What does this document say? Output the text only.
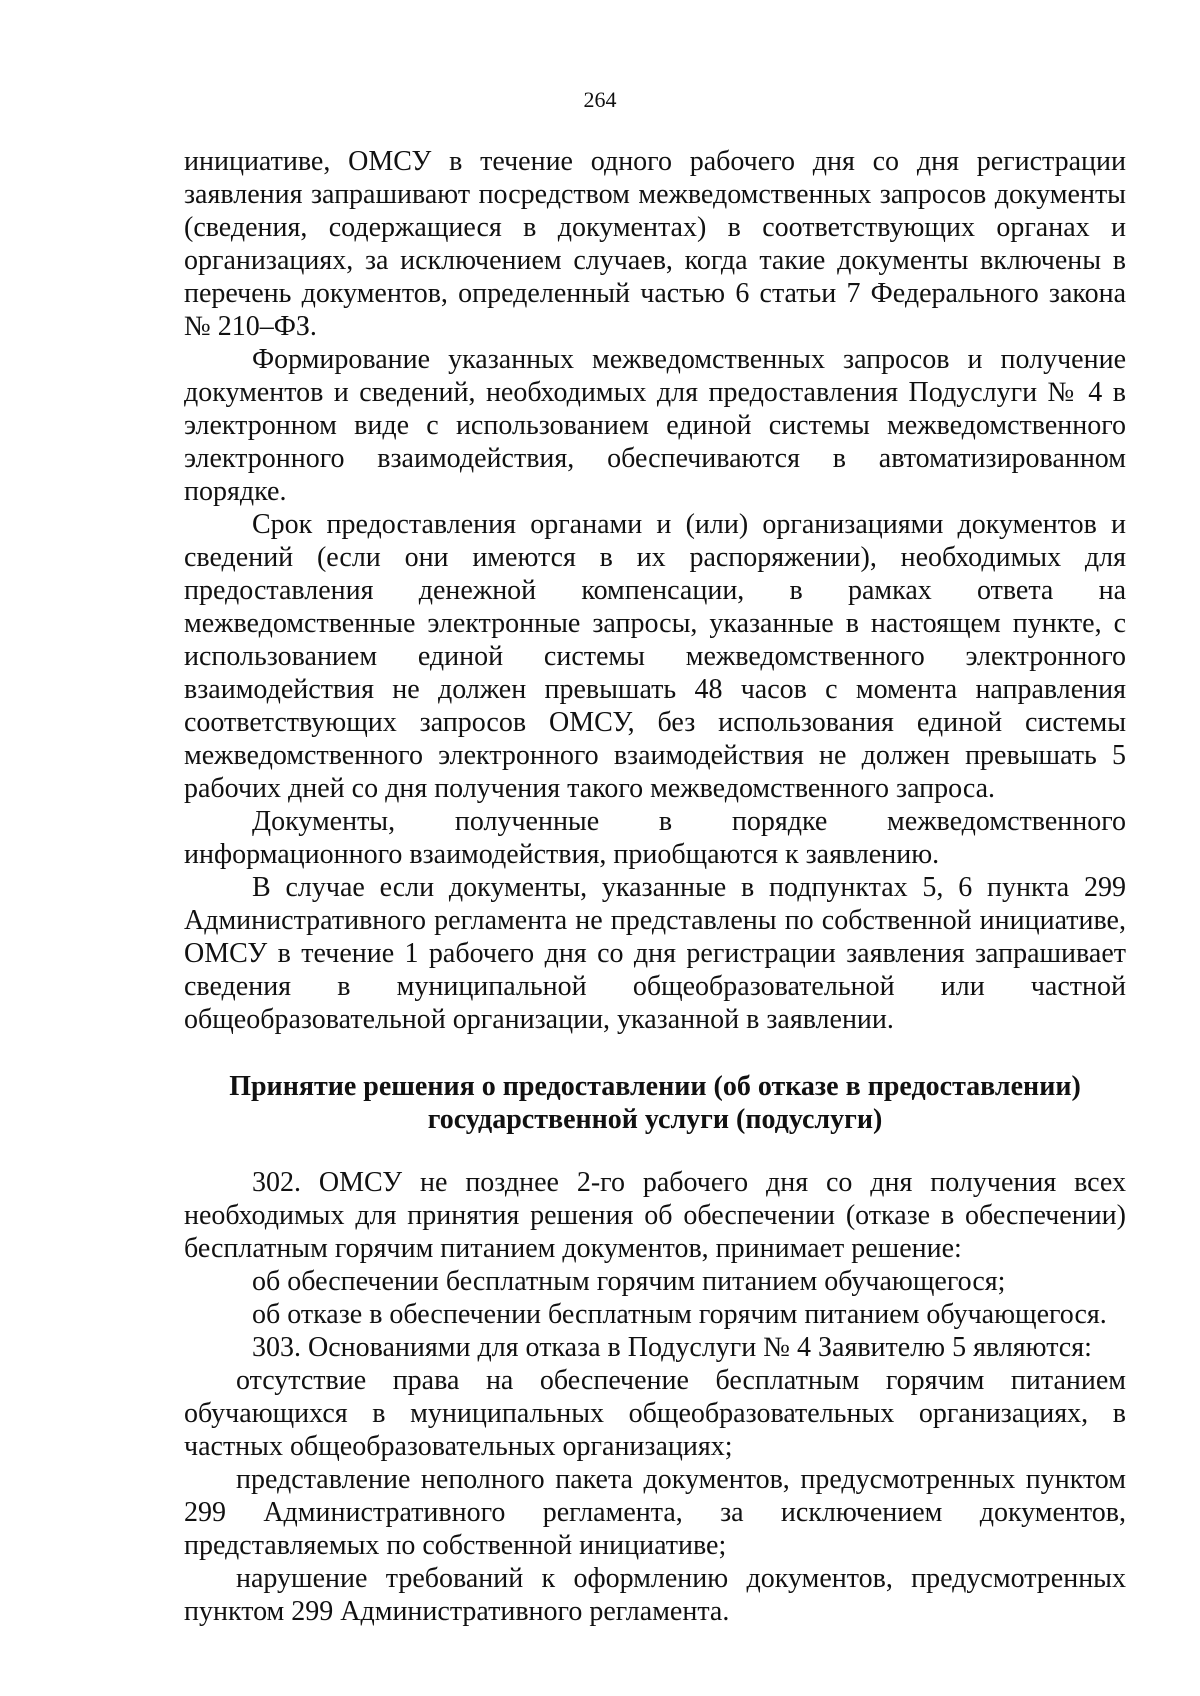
264

инициативе, ОМСУ в течение одного рабочего дня со дня регистрации заявления запрашивают посредством межведомственных запросов документы (сведения, содержащиеся в документах) в соответствующих органах и организациях, за исключением случаев, когда такие документы включены в перечень документов, определенный частью 6 статьи 7 Федерального закона № 210–ФЗ.

Формирование указанных межведомственных запросов и получение документов и сведений, необходимых для предоставления Подуслуги № 4 в электронном виде с использованием единой системы межведомственного электронного взаимодействия, обеспечиваются в автоматизированном порядке.

Срок предоставления органами и (или) организациями документов и сведений (если они имеются в их распоряжении), необходимых для предоставления денежной компенсации, в рамках ответа на межведомственные электронные запросы, указанные в настоящем пункте, с использованием единой системы межведомственного электронного взаимодействия не должен превышать 48 часов с момента направления соответствующих запросов ОМСУ, без использования единой системы межведомственного электронного взаимодействия не должен превышать 5 рабочих дней со дня получения такого межведомственного запроса.

Документы, полученные в порядке межведомственного информационного взаимодействия, приобщаются к заявлению.

В случае если документы, указанные в подпунктах 5, 6 пункта 299 Административного регламента не представлены по собственной инициативе, ОМСУ в течение 1 рабочего дня со дня регистрации заявления запрашивает сведения в муниципальной общеобразовательной или частной общеобразовательной организации, указанной в заявлении.

Принятие решения о предоставлении (об отказе в предоставлении)
государственной услуги (подуслуги)

302. ОМСУ не позднее 2-го рабочего дня со дня получения всех необходимых для принятия решения об обеспечении (отказе в обеспечении) бесплатным горячим питанием документов, принимает решение:

об обеспечении бесплатным горячим питанием обучающегося;

об отказе в обеспечении бесплатным горячим питанием обучающегося.

303. Основаниями для отказа в Подуслуги № 4 Заявителю 5 являются:

отсутствие права на обеспечение бесплатным горячим питанием обучающихся в муниципальных общеобразовательных организациях, в частных общеобразовательных организациях;

представление неполного пакета документов, предусмотренных пунктом 299 Административного регламента, за исключением документов, представляемых по собственной инициативе;

нарушение требований к оформлению документов, предусмотренных пунктом 299 Административного регламента.
